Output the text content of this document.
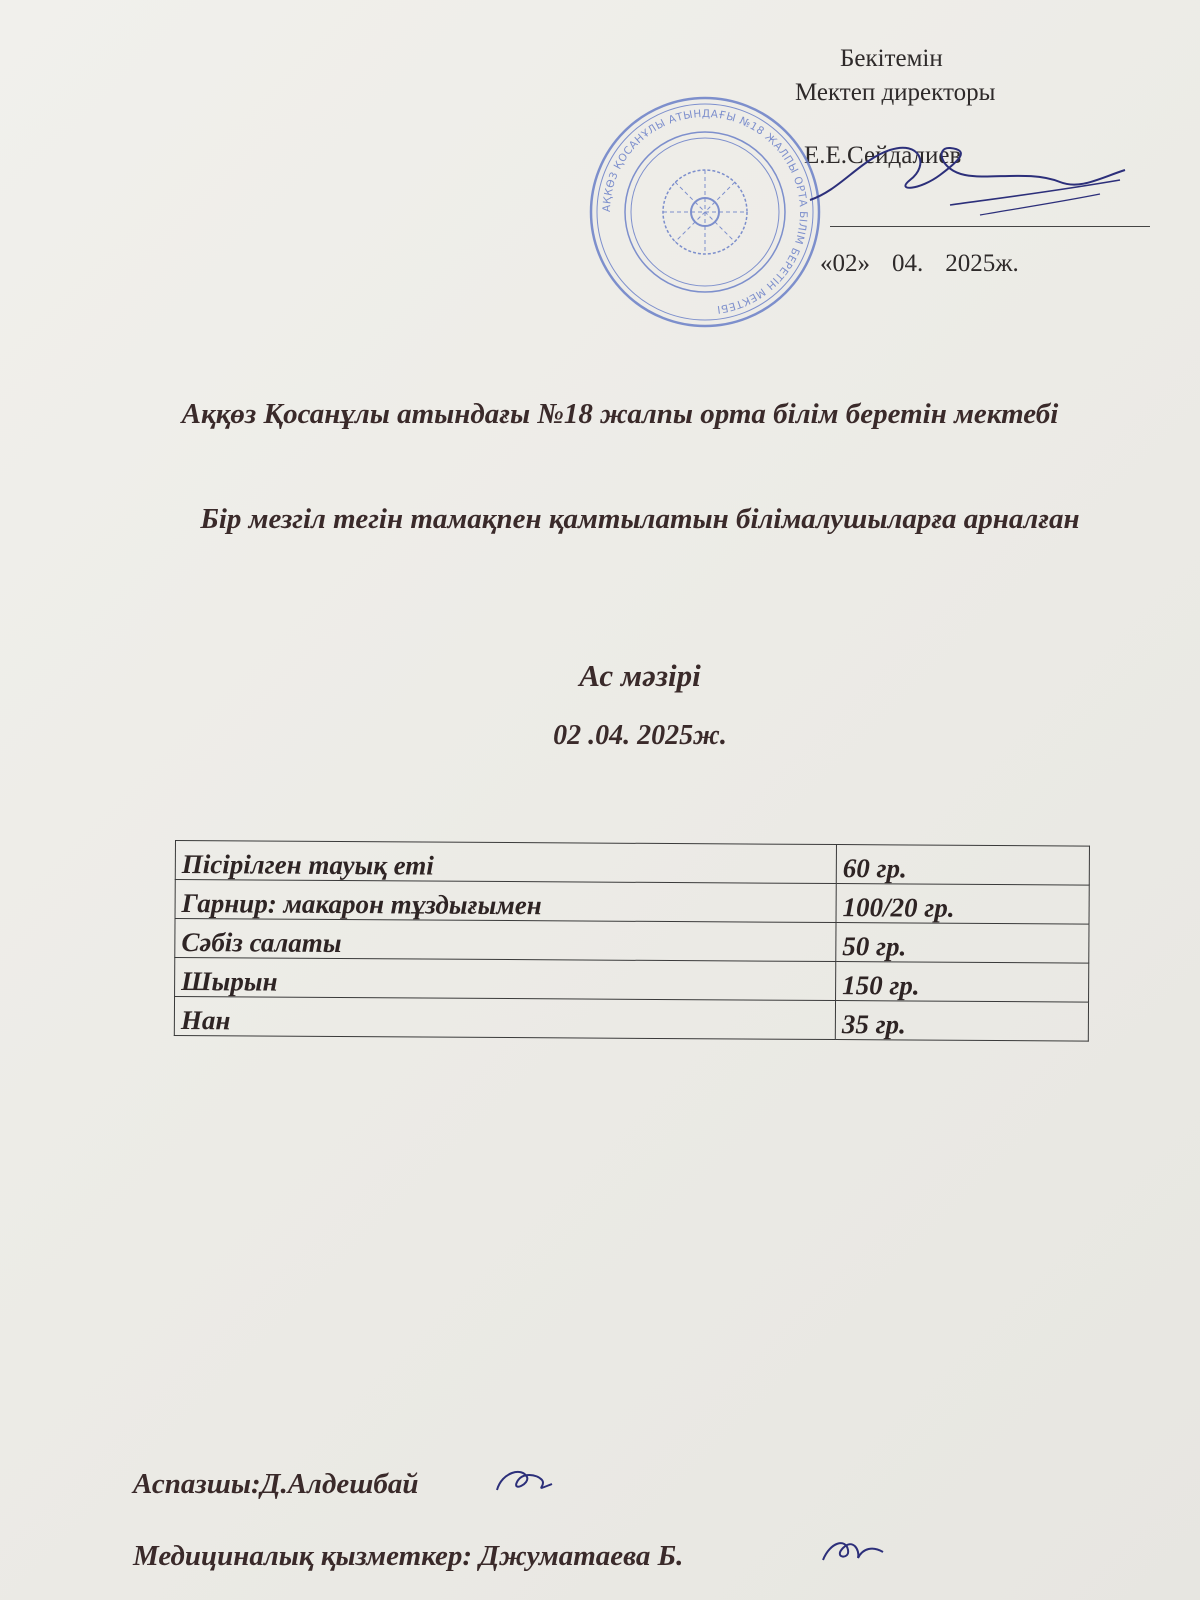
Бекітемін
Мектеп директоры
Е.Е.Сейдалиев
«02» 04. 2025ж.
АҚКӨЗ ҚОСАНҰЛЫ АТЫНДАҒЫ №18 ЖАЛПЫ ОРТА БІЛІМ БЕРЕТІН МЕКТЕБІ
Аққөз Қосанұлы атындағы №18 жалпы орта білім беретін мектебі
Бір мезгіл тегін тамақпен қамтылатын білімалушыларға арналған
Ас мәзірі
02 .04. 2025ж.
Пісірілген тауық еті	60 гр.
Гарнир: макарон тұздығымен	100/20 гр.
Сәбіз салаты	50 гр.
Шырын	150 гр.
Нан	35 гр.
Аспазшы:Д.Алдешбай
Медициналық қызметкер: Джуматаева Б.
